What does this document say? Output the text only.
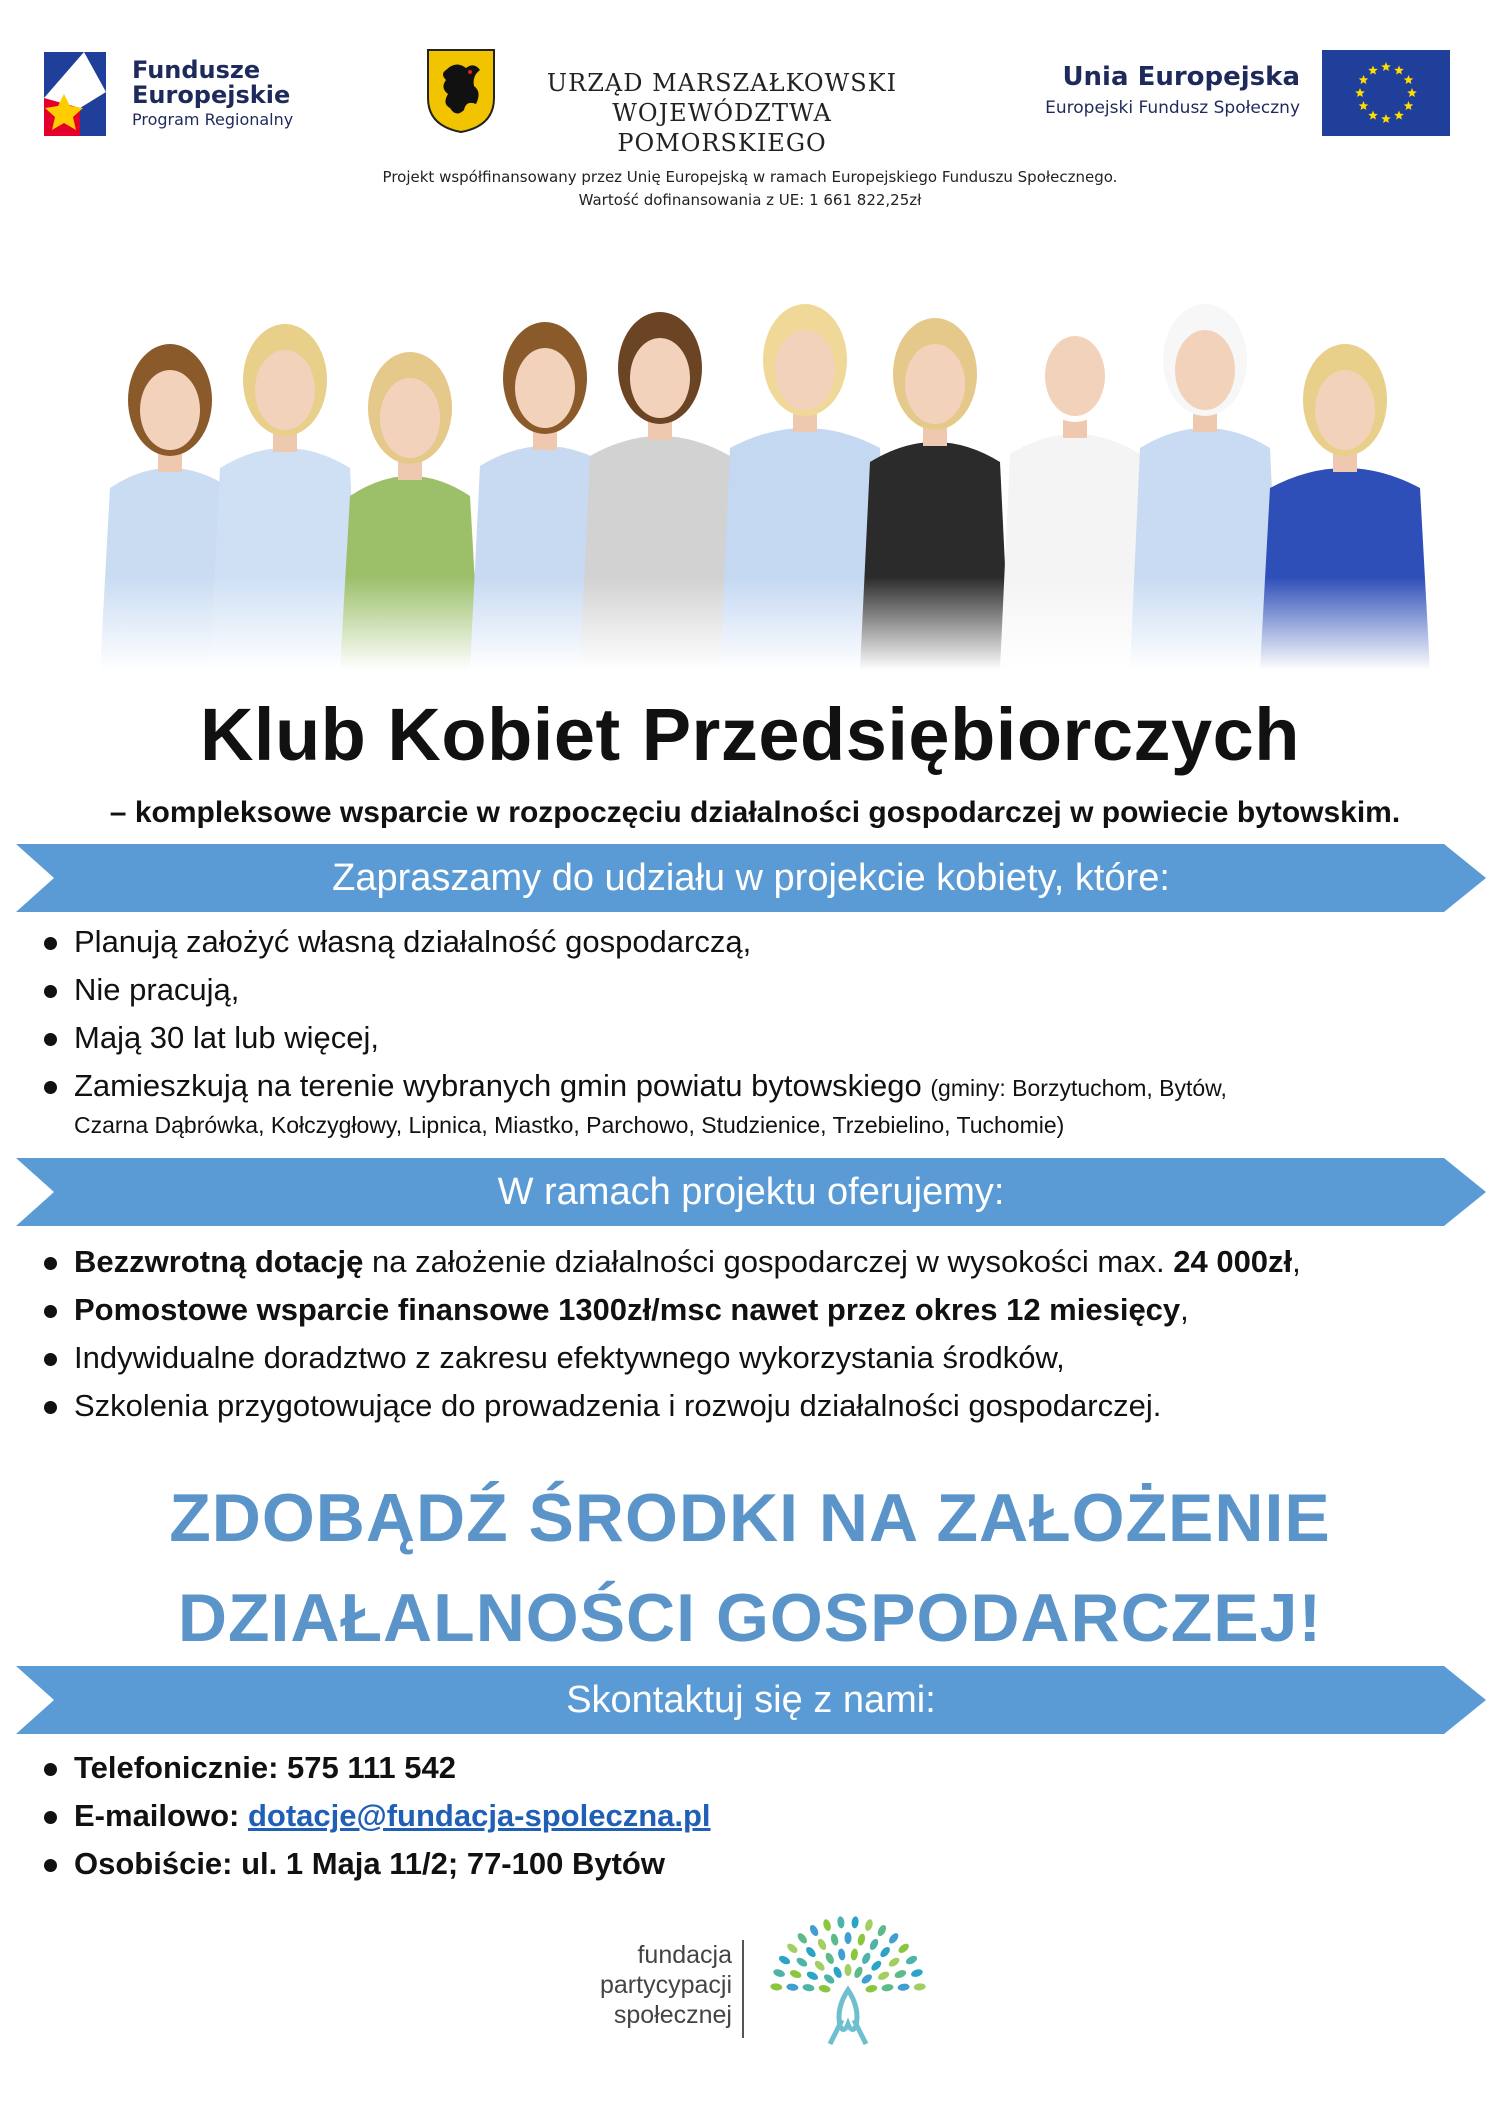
Fundusze
Europejskie
Program Regionalny
URZĄD MARSZAŁKOWSKI
WOJEWÓDZTWA POMORSKIEGO
Unia Europejska
Europejski Fundusz Społeczny
Projekt współfinansowany przez Unię Europejską w ramach Europejskiego Funduszu Społecznego.
Wartość dofinansowania z UE: 1 661 822,25zł
Klub Kobiet Przedsiębiorczych
– kompleksowe wsparcie w rozpoczęciu działalności gospodarczej w powiecie bytowskim.
Zapraszamy do udziału w projekcie kobiety, które:
Planują założyć własną działalność gospodarczą,
Nie pracują,
Mają 30 lat lub więcej,
Zamieszkują na terenie wybranych gmin powiatu bytowskiego (gminy: Borzytuchom, Bytów,
Czarna Dąbrówka, Kołczygłowy, Lipnica, Miastko, Parchowo, Studzienice, Trzebielino, Tuchomie)
W ramach projektu oferujemy:
Bezzwrotną dotację na założenie działalności gospodarczej w wysokości max. 24 000zł,
Pomostowe wsparcie finansowe 1300zł/msc nawet przez okres 12 miesięcy,
Indywidualne doradztwo z zakresu efektywnego wykorzystania środków,
Szkolenia przygotowujące do prowadzenia i rozwoju działalności gospodarczej.
ZDOBĄDŹ ŚRODKI NA ZAŁOŻENIE
DZIAŁALNOŚCI GOSPODARCZEJ!
Skontaktuj się z nami:
Telefonicznie: 575 111 542
E-mailowo: dotacje@fundacja-spoleczna.pl
Osobiście: ul. 1 Maja 11/2; 77-100 Bytów
fundacja
partycypacji
społecznej
